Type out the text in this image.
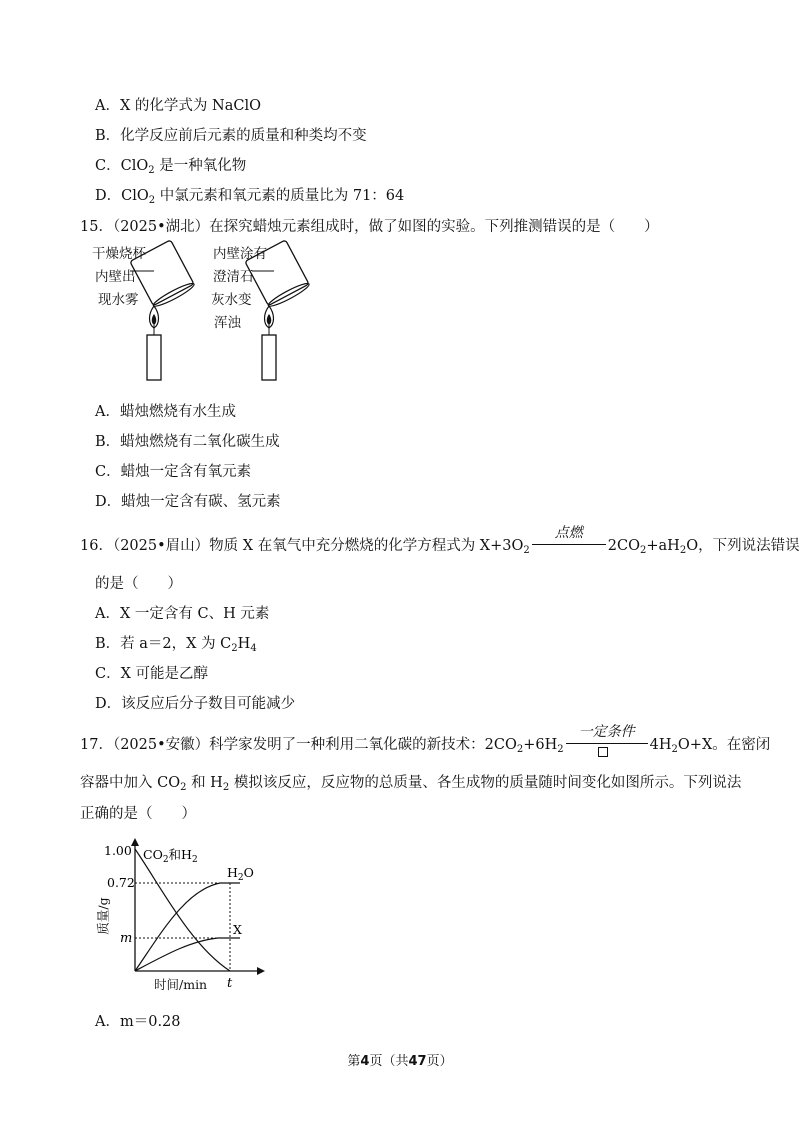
A．X 的化学式为 NaClO
B．化学反应前后元素的质量和种类均不变
C．ClO$_2$ 是一种氧化物
D．ClO$_2$ 中氯元素和氧元素的质量比为 71：64
15．（2025•湖北）在探究蜡烛元素组成时，做了如图的实验。下列推测错误的是（　　）
干燥烧杯
内壁出
现水雾
内壁涂有
澄清石
灰水变
浑浊
A．蜡烛燃烧有水生成
B．蜡烛燃烧有二氧化碳生成
C．蜡烛一定含有氧元素
D．蜡烛一定含有碳、氢元素
16．（2025•眉山）物质 X 在氧气中充分燃烧的化学方程式为 $X+3O_2$
点燃
$2CO_2+aH_2O$，下列说法错误
的是（　　）
A．X 一定含有 C、H 元素
B．若 a＝2，X 为 $C_2H_4$
C．X 可能是乙醇
D．该反应后分子数目可能减少
17．（2025•安徽）科学家发明了一种利用二氧化碳的新技术：$2CO_2+6H_2$
一定条件
$4H_2O+X$。在密闭
容器中加入 $CO_2$ 和 $H_2$ 模拟该反应，反应物的总质量、各生成物的质量随时间变化如图所示。下列说法
正确的是（　　）
1.00
0.72
m
t
$CO_2$和$H_2$
$H_2O$
X
质量/g
时间/min
A．m＝0.28
第4页（共47页）
